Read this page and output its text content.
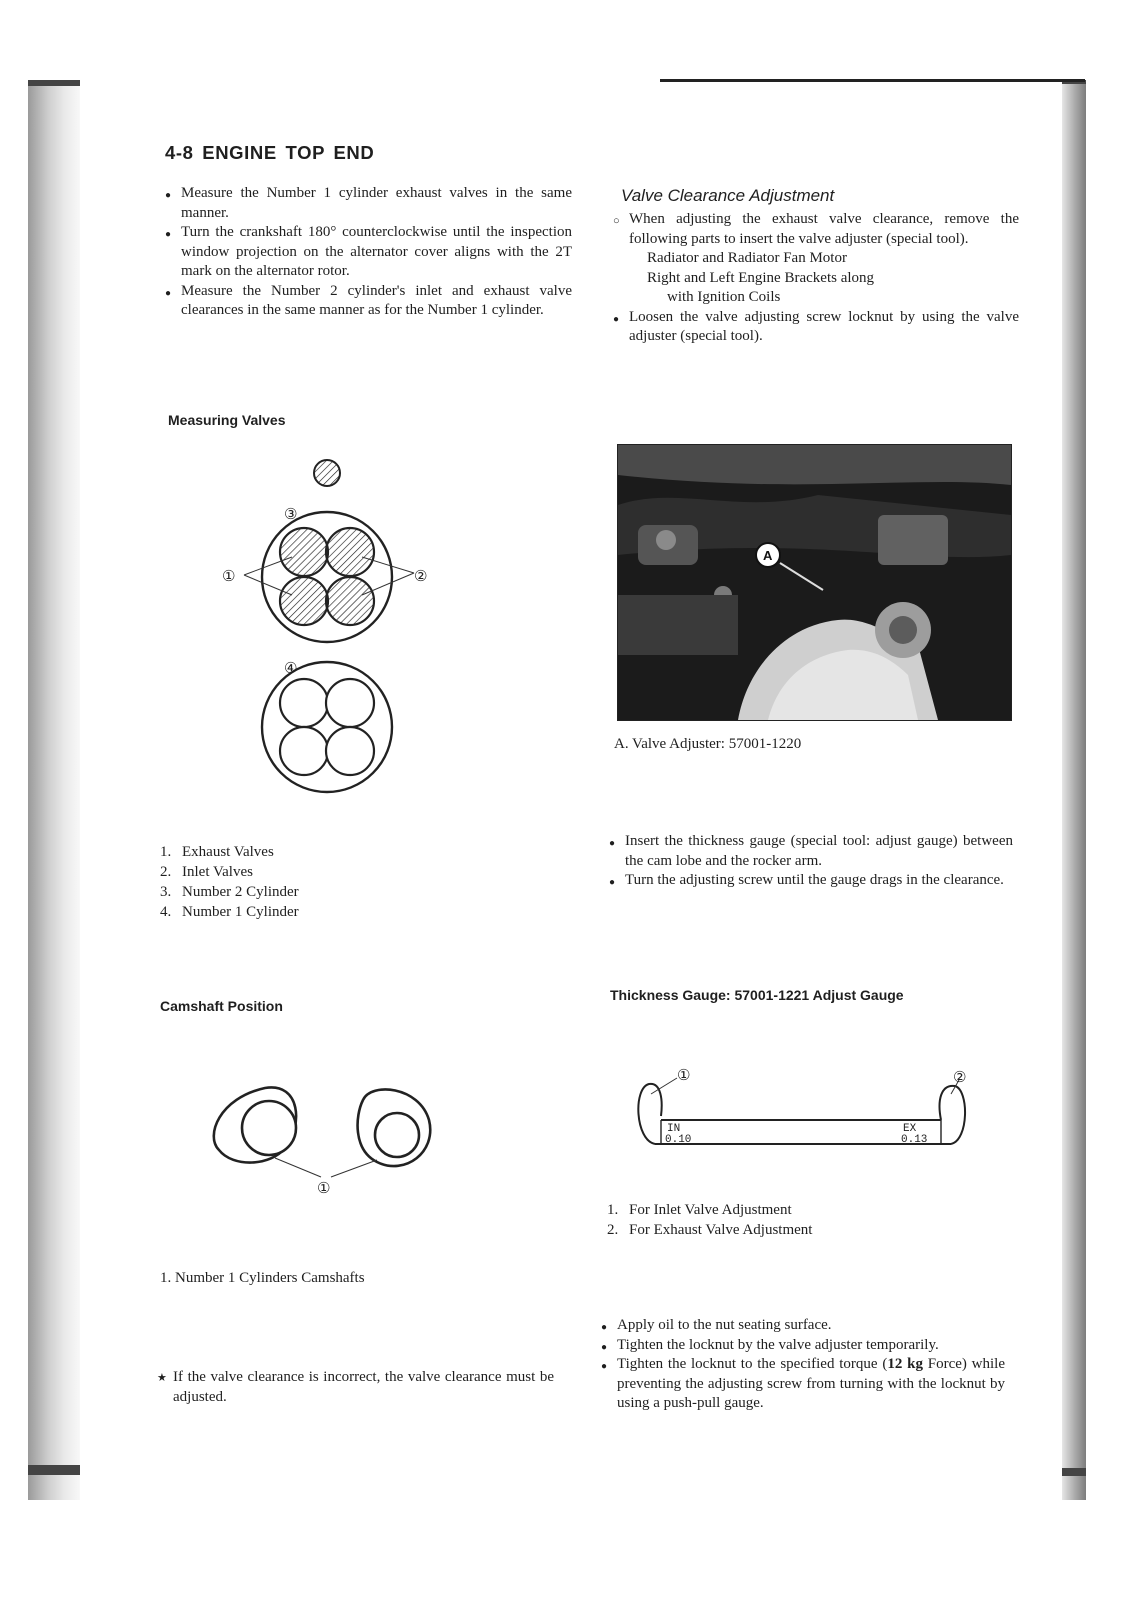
4-8 ENGINE TOP END
● Measure the Number 1 cylinder exhaust valves in the same manner.
● Turn the crankshaft 180° counterclockwise until the inspection window projection on the alternator cover aligns with the 2T mark on the alternator rotor.
● Measure the Number 2 cylinder's inlet and exhaust valve clearances in the same manner as for the Number 1 cylinder.
Measuring Valves
①	②
③
④
1. Exhaust Valves
2. Inlet Valves
3. Number 2 Cylinder
4. Number 1 Cylinder
Camshaft Position
①
1. Number 1 Cylinders Camshafts
★ If the valve clearance is incorrect, the valve clearance must be adjusted.
Valve Clearance Adjustment
○ When adjusting the exhaust valve clearance, remove the following parts to insert the valve adjuster (special tool).
Radiator and Radiator Fan Motor
Right and Left Engine Brackets along
with Ignition Coils
● Loosen the valve adjusting screw locknut by using the valve adjuster (special tool).
A
A. Valve Adjuster: 57001-1220
● Insert the thickness gauge (special tool: adjust gauge) between the cam lobe and the rocker arm.
● Turn the adjusting screw until the gauge drags in the clearance.
Thickness Gauge: 57001-1221 Adjust Gauge
①	②
IN
0.10
EX
0.13
1. For Inlet Valve Adjustment
2. For Exhaust Valve Adjustment
● Apply oil to the nut seating surface.
● Tighten the locknut by the valve adjuster temporarily.
● Tighten the locknut to the specified torque (12 kg Force) while preventing the adjusting screw from turning with the locknut by using a push-pull gauge.
